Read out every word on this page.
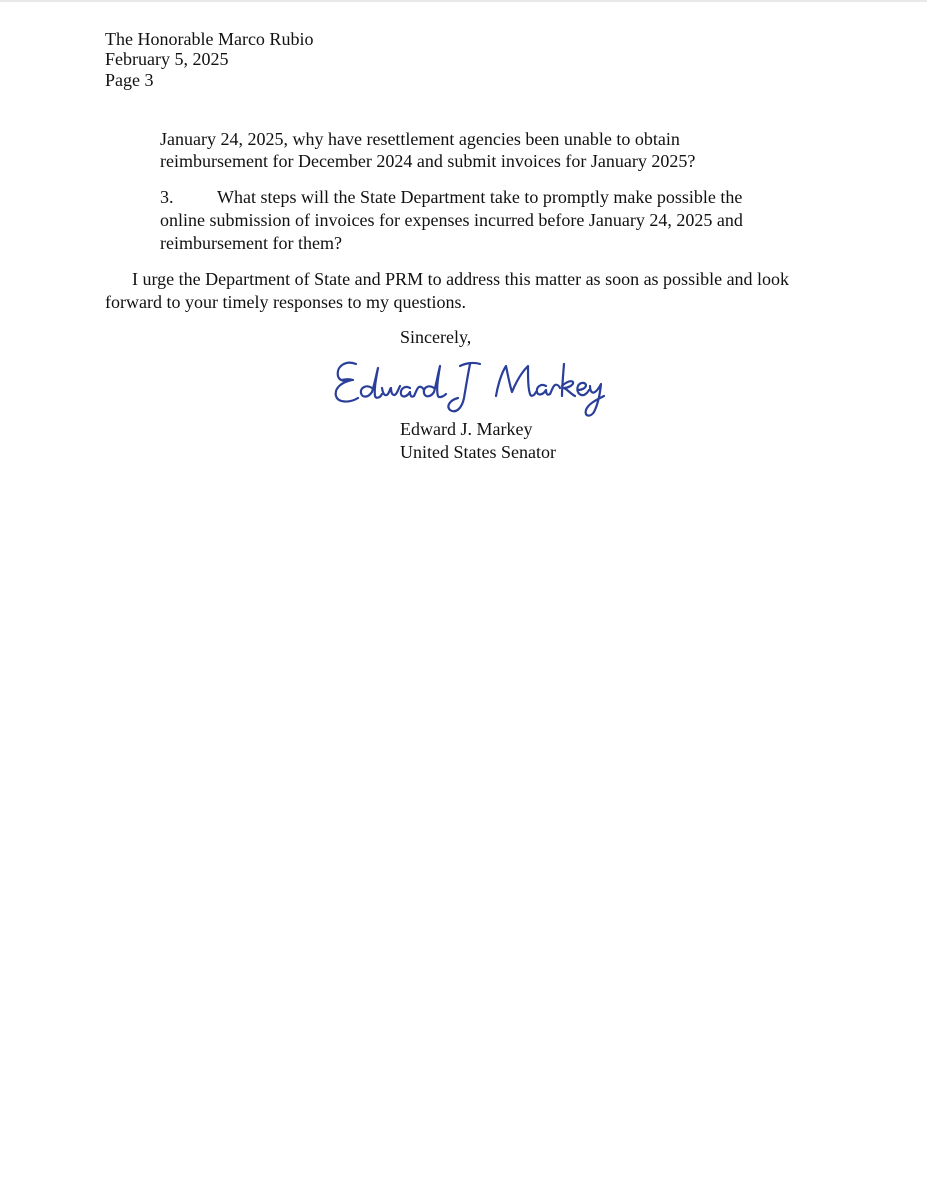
The Honorable Marco Rubio
February 5, 2025
Page 3
January 24, 2025, why have resettlement agencies been unable to obtain
reimbursement for December 2024 and submit invoices for January 2025?
3. What steps will the State Department take to promptly make possible the
online submission of invoices for expenses incurred before January 24, 2025 and
reimbursement for them?
I urge the Department of State and PRM to address this matter as soon as possible and look
forward to your timely responses to my questions.
Sincerely,
Edward J. Markey
United States Senator
